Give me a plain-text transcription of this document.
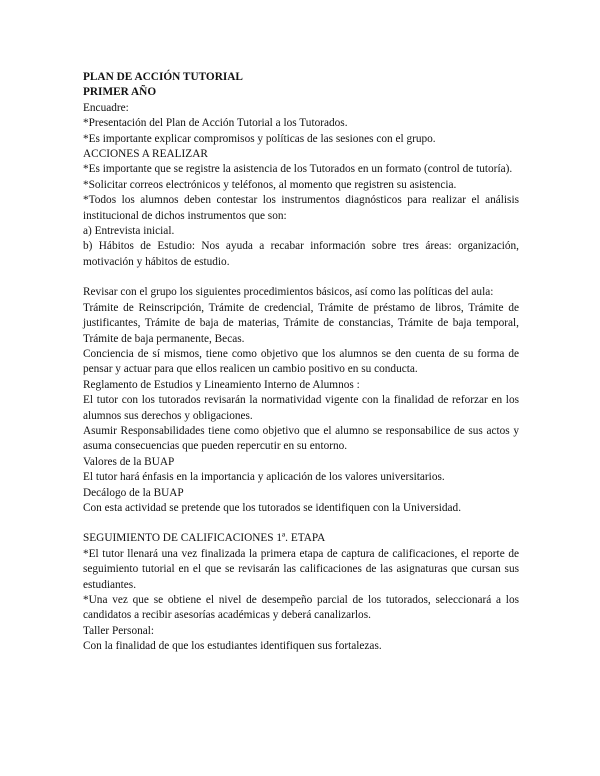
PLAN DE ACCIÓN TUTORIAL

PRIMER AÑO

Encuadre:

*Presentación del Plan de Acción Tutorial a los Tutorados.

*Es importante explicar compromisos y políticas de las sesiones con el grupo.

ACCIONES A REALIZAR

*Es importante que se registre la asistencia de los Tutorados en un formato (control de tutoría).

*Solicitar correos electrónicos y teléfonos, al momento que registren su asistencia.

*Todos los alumnos deben contestar los instrumentos diagnósticos para realizar el análisis institucional de dichos instrumentos que son:

a) Entrevista inicial.

b) Hábitos de Estudio: Nos ayuda a recabar información sobre tres áreas: organización, motivación y hábitos de estudio.

Revisar con el grupo los siguientes procedimientos básicos, así como las políticas del aula:

Trámite de Reinscripción, Trámite de credencial, Trámite de préstamo de libros, Trámite de justificantes, Trámite de baja de materias, Trámite de constancias, Trámite de baja temporal, Trámite de baja permanente, Becas.

Conciencia de sí mismos, tiene como objetivo que los alumnos se den cuenta de su forma de pensar y actuar para que ellos realicen un cambio positivo en su conducta.

Reglamento de Estudios y Lineamiento Interno de Alumnos :

El tutor con los tutorados revisarán la normatividad vigente con la finalidad de reforzar en los alumnos sus derechos y obligaciones.

Asumir Responsabilidades tiene como objetivo que el alumno se responsabilice de sus actos y asuma consecuencias que pueden repercutir en su entorno.

Valores de la BUAP

El tutor hará énfasis en la importancia y aplicación de los valores universitarios.

Decálogo de la BUAP

Con esta actividad se pretende que los tutorados se identifiquen con la Universidad.

SEGUIMIENTO DE CALIFICACIONES 1ª. ETAPA

*El tutor llenará una vez finalizada la primera etapa de captura de calificaciones, el reporte de seguimiento tutorial en el que se revisarán las calificaciones de las asignaturas que cursan sus estudiantes.

*Una vez que se obtiene el nivel de desempeño parcial de los tutorados, seleccionará a los candidatos a recibir asesorías académicas y deberá canalizarlos.

Taller Personal:

Con la finalidad de que los estudiantes identifiquen sus fortalezas.
